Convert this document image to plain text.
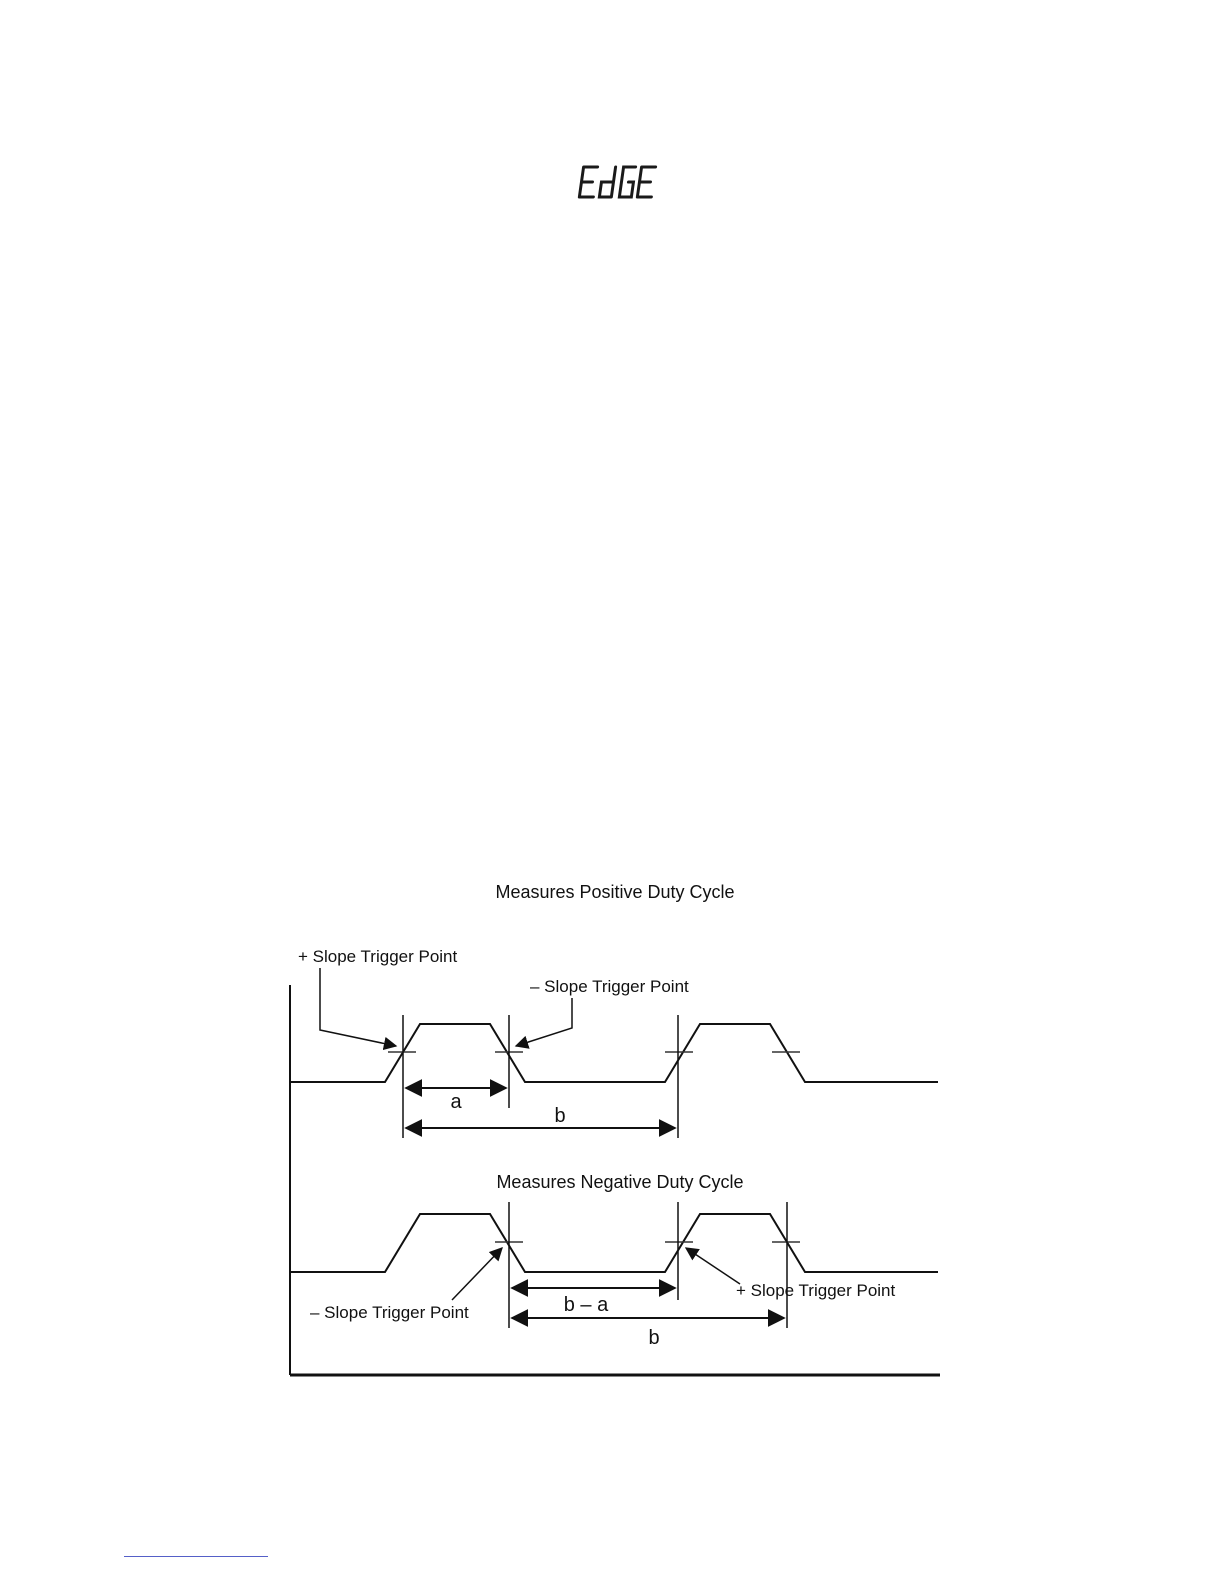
Measures Positive Duty Cycle
+ Slope Trigger Point
– Slope Trigger Point
a
b
Measures Negative Duty Cycle
– Slope Trigger Point
+ Slope Trigger Point
b – a
b
